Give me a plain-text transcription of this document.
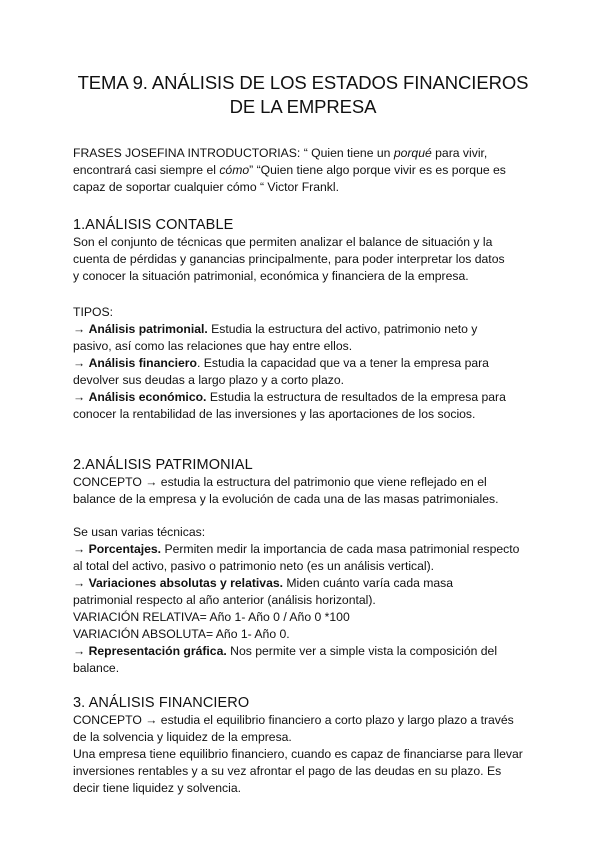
TEMA 9. ANÁLISIS DE LOS ESTADOS FINANCIEROS
DE LA EMPRESA

FRASES JOSEFINA INTRODUCTORIAS: “ Quien tiene un porqué para vivir, encontrará casi siempre el cómo” “Quien tiene algo porque vivir es es porque es capaz de soportar cualquier cómo “ Victor Frankl.

1.ANÁLISIS CONTABLE

Son el conjunto de técnicas que permiten analizar el balance de situación y la cuenta de pérdidas y ganancias principalmente, para poder interpretar los datos y conocer la situación patrimonial, económica y financiera de la empresa.

TIPOS:

→ Análisis patrimonial. Estudia la estructura del activo, patrimonio neto y pasivo, así como las relaciones que hay entre ellos.

→ Análisis financiero. Estudia la capacidad que va a tener la empresa para devolver sus deudas a largo plazo y a corto plazo.

→ Análisis económico. Estudia la estructura de resultados de la empresa para conocer la rentabilidad de las inversiones y las aportaciones de los socios.

2.ANÁLISIS PATRIMONIAL

CONCEPTO → estudia la estructura del patrimonio que viene reflejado en el balance de la empresa y la evolución de cada una de las masas patrimoniales.

Se usan varias técnicas:

→ Porcentajes. Permiten medir la importancia de cada masa patrimonial respecto al total del activo, pasivo o patrimonio neto (es un análisis vertical).

→ Variaciones absolutas y relativas. Miden cuánto varía cada masa patrimonial respecto al año anterior (análisis horizontal).

VARIACIÓN RELATIVA= Año 1- Año 0 / Año 0 *100

VARIACIÓN ABSOLUTA= Año 1- Año 0.

→ Representación gráfica. Nos permite ver a simple vista la composición del balance.

3. ANÁLISIS FINANCIERO

CONCEPTO → estudia el equilibrio financiero a corto plazo y largo plazo a través de la solvencia y liquidez de la empresa.

Una empresa tiene equilibrio financiero, cuando es capaz de financiarse para llevar inversiones rentables y a su vez afrontar el pago de las deudas en su plazo. Es decir tiene liquidez y solvencia.
